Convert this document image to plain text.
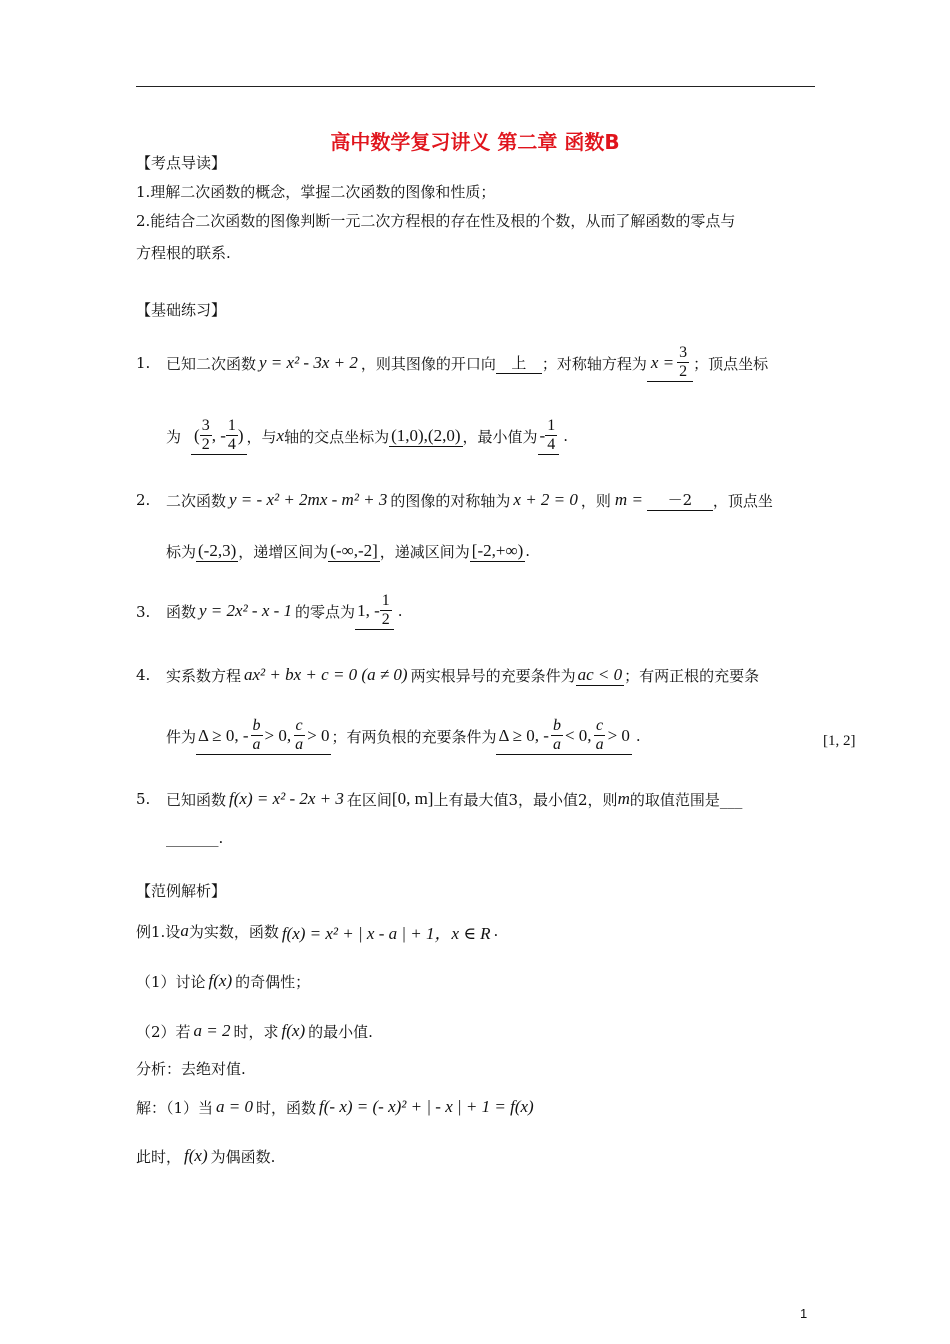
高中数学复习讲义 第二章 函数B
【考点导读】
1.理解二次函数的概念，掌握二次函数的图像和性质；
2.能结合二次函数的图像判断一元二次方程根的存在性及根的个数，从而了解函数的零点与
方程根的联系.
【基础练习】
1. 已知二次函数 y = x² - 3x + 2 ，则其图像的开口向	上	；对称轴方程为 $x = \frac{3}{2}$ ；顶点坐标
为 ( $\frac{3}{2}$ , - $\frac{1}{4}$ ) ，与 x 轴的交点坐标为 (1,0),(2,0) ，最小值为 - $\frac{1}{4}$ .
2. 二次函数 y = - x² + 2mx - m² + 3 的图像的对称轴为 x + 2 = 0 ，则 m =	－2	，顶点坐
标为 (-2,3) ，递增区间为 (-∞,-2] ，递减区间为 [-2,+∞) .
3. 函数 y = 2x² - x - 1 的零点为 1, - $\frac{1}{2}$ .
4. 实系数方程 ax² + bx + c = 0 (a ≠ 0) 两实根异号的充要条件为 ac < 0 ；有两正根的充要条
件为 Δ ≥ 0, - $\frac{b}{a} > 0$, $\frac{c}{a} > 0$ ；有两负根的充要条件为 Δ ≥ 0, - $\frac{b}{a} < 0$, $\frac{c}{a} > 0$ .	[1, 2]
5. 已知函数 f(x) = x² - 2x + 3 在区间 [0, m] 上有最大值3，最小值2，则 m 的取值范围是___
_______.
【范例解析】
例1.设 a 为实数，函数 f(x) = x² + | x - a | + 1，x ∈ R .
（1）讨论 f(x) 的奇偶性；
（2）若 a = 2 时，求 f(x) 的最小值.
分析：去绝对值.
解：（1）当 a = 0 时，函数 f(- x) = (- x)² + | - x | + 1 = f(x)
此时， f(x) 为偶函数.
1
